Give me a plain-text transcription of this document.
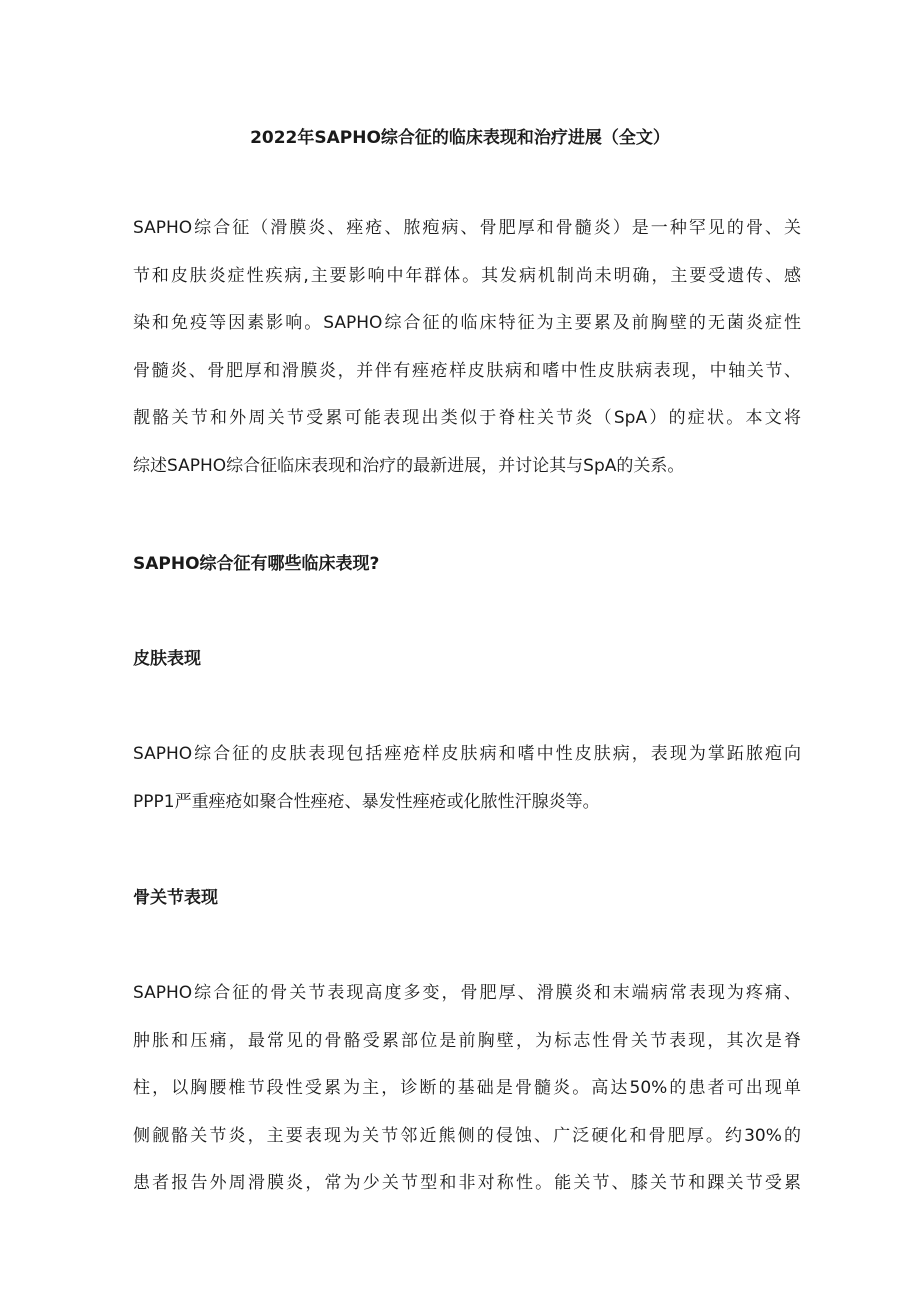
2022年SAPHO综合征的临床表现和治疗进展（全文）

SAPHO综合征（滑膜炎、痤疮、脓疱病、骨肥厚和骨髓炎）是一种罕见的骨、关
节和皮肤炎症性疾病,主要影响中年群体。其发病机制尚未明确，主要受遗传、感
染和免疫等因素影响。SAPHO综合征的临床特征为主要累及前胸壁的无菌炎症性
骨髓炎、骨肥厚和滑膜炎，并伴有痤疮样皮肤病和嗜中性皮肤病表现，中轴关节、
靓骼关节和外周关节受累可能表现出类似于脊柱关节炎（SpA）的症状。本文将
综述SAPHO综合征临床表现和治疗的最新进展，并讨论其与SpA的关系。

SAPHO综合征有哪些临床表现?
皮肤表现

SAPHO综合征的皮肤表现包括痤疮样皮肤病和嗜中性皮肤病，表现为掌跖脓疱向
PPP1严重痤疮如聚合性痤疮、暴发性痤疮或化脓性汗腺炎等。

骨关节表现

SAPHO综合征的骨关节表现高度多变，骨肥厚、滑膜炎和末端病常表现为疼痛、
肿胀和压痛，最常见的骨骼受累部位是前胸壁，为标志性骨关节表现，其次是脊
柱，以胸腰椎节段性受累为主，诊断的基础是骨髓炎。高达50%的患者可出现单
侧觎骼关节炎，主要表现为关节邻近熊侧的侵蚀、广泛硬化和骨肥厚。约30%的
患者报告外周滑膜炎，常为少关节型和非对称性。能关节、膝关节和踝关节受累
